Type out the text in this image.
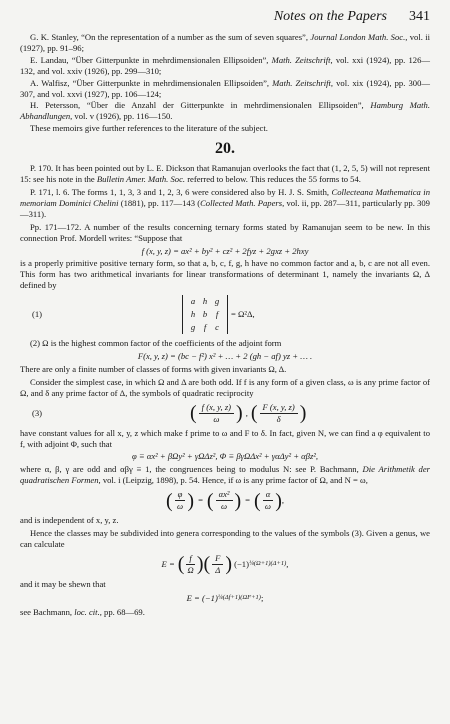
Notes on the Papers 341

G. K. Stanley, “On the representation of a number as the sum of seven squares”, Journal London Math. Soc., vol. ii (1927), pp. 91–96;

E. Landau, “Über Gitterpunkte in mehrdimensionalen Ellipsoiden”, Math. Zeitschrift, vol. xxi (1924), pp. 126—132, and vol. xxiv (1926), pp. 299—310;

A. Walfisz, “Über Gitterpunkte in mehrdimensionalen Ellipsoiden”, Math. Zeitschrift, vol. xix (1924), pp. 300—307, and vol. xxvi (1927), pp. 106—124;

H. Petersson, “Über die Anzahl der Gitterpunkte in mehrdimensionalen Ellipsoiden”, Hamburg Math. Abhandlungen, vol. v (1926), pp. 116—150.

These memoirs give further references to the literature of the subject.

20.

P. 170. It has been pointed out by L. E. Dickson that Ramanujan overlooks the fact that (1, 2, 5, 5) will not represent 15: see his note in the Bulletin Amer. Math. Soc. referred to below. This reduces the 55 forms to 54.

P. 171, l. 6. The forms 1, 1, 3, 3 and 1, 2, 3, 6 were considered also by H. J. S. Smith, Collecteana Mathematica in memoriam Dominici Chelini (1881), pp. 117—143 (Collected Math. Papers, vol. ii, pp. 287—311, particularly pp. 309—311).

Pp. 171—172. A number of the results concerning ternary forms stated by Ramanujan seem to be new. In this connection Prof. Mordell writes: “Suppose that

f (x, y, z) = ax² + by² + cz² + 2fyz + 2gxz + 2hxy

is a properly primitive positive ternary form, so that a, b, c, f, g, h have no common factor and a, b, c are not all even. This form has two arithmetical invariants for linear transformations of determinant 1, namely the invariants Ω, Δ defined by

(1)
a h g
h b	f
g	f	c
= Ω²Δ,

(2) Ω is the highest common factor of the coefficients of the adjoint form

F(x, y, z) = (bc − f²) x² + … + 2 (gh − af) yz + … .

There are only a finite number of classes of forms with given invariants Ω, Δ.

Consider the simplest case, in which Ω and Δ are both odd. If f is any form of a given class, ω is any prime factor of Ω, and δ any prime factor of Δ, the symbols of quadratic reciprocity

(3)	( $\frac{f (x, y, z)}{\omega}$ ) , ( $\frac{F (x, y, z)}{\delta}$ )

have constant values for all x, y, z which make f prime to ω and F to δ. In fact, given N, we can find a φ equivalent to f, with adjoint Φ, such that

φ ≡ αx² + βΩy² + γΩΔz², Φ ≡ βγΩΔx² + γαΔy² + αβz²,

where α, β, γ are odd and αβγ ≡ 1, the congruences being to modulus N: see P. Bachmann, Die Arithmetik der quadratischen Formen, vol. i (Leipzig, 1898), p. 54. Hence, if ω is any prime factor of Ω, and N = ω,

( $\frac{\varphi}{\omega}$ ) = ( $\frac{\text{αx²}}{\omega}$ ) = ( $\frac{\alpha}{\omega}$ ) ,

and is independent of x, y, z.

Hence the classes may be subdivided into genera corresponding to the values of the symbols (3). Given a genus, we can calculate

E = ( $\frac{f}{\Omega}$ ) ( $\frac{F}{\Delta}$ ) (−1) ¼(Ω+1)(Δ+1) ,

and it may be shewn that

E = (−1) ¼(Δf+1)(ΩF+1) ;

see Bachmann, loc. cit., pp. 68—69.
